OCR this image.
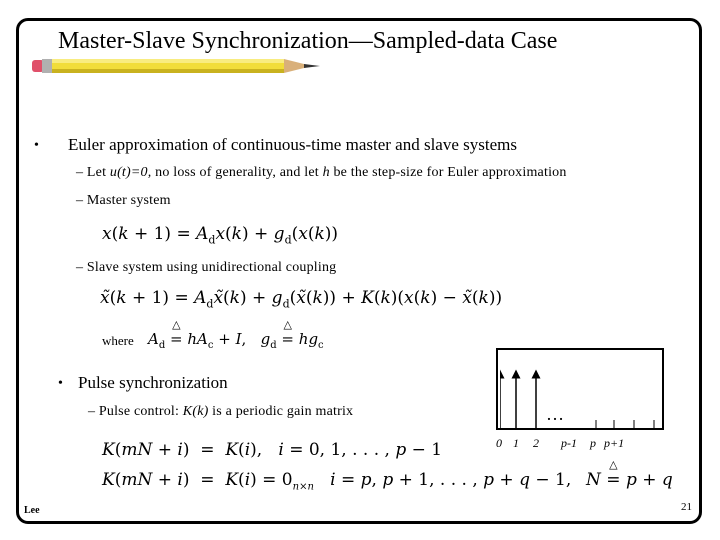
Master-Slave Synchronization—Sampled-data Case
• Euler approximation of continuous-time master and slave systems
– Let u(t)=0, no loss of generality, and let h be the step-size for Euler approximation
– Master system
$x(k + 1) = A_dx(k) + g_d(x(k))$
– Slave system using unidirectional coupling
x̃(k + $1) = A_dx̃(k)$ + $g_d(x̃(k)) + K(k)(x(k)$ − x̃(k))
where $A_d$ △ = $hA_c + I$,   $g_d$ △ = $hg_c$
• Pulse synchronization
– Pulse control: K(k) is a periodic gain matrix
K(mN + i)  =  K(i),   i = 0, 1, . . . , p − 1
$K(mN + i) = K(i) = 0_{n\times n}$ i = p, p + 1, . . . , p + q − 1, N △ = p + q
…
0 1 2 p-1 p p+1
Lee	21
